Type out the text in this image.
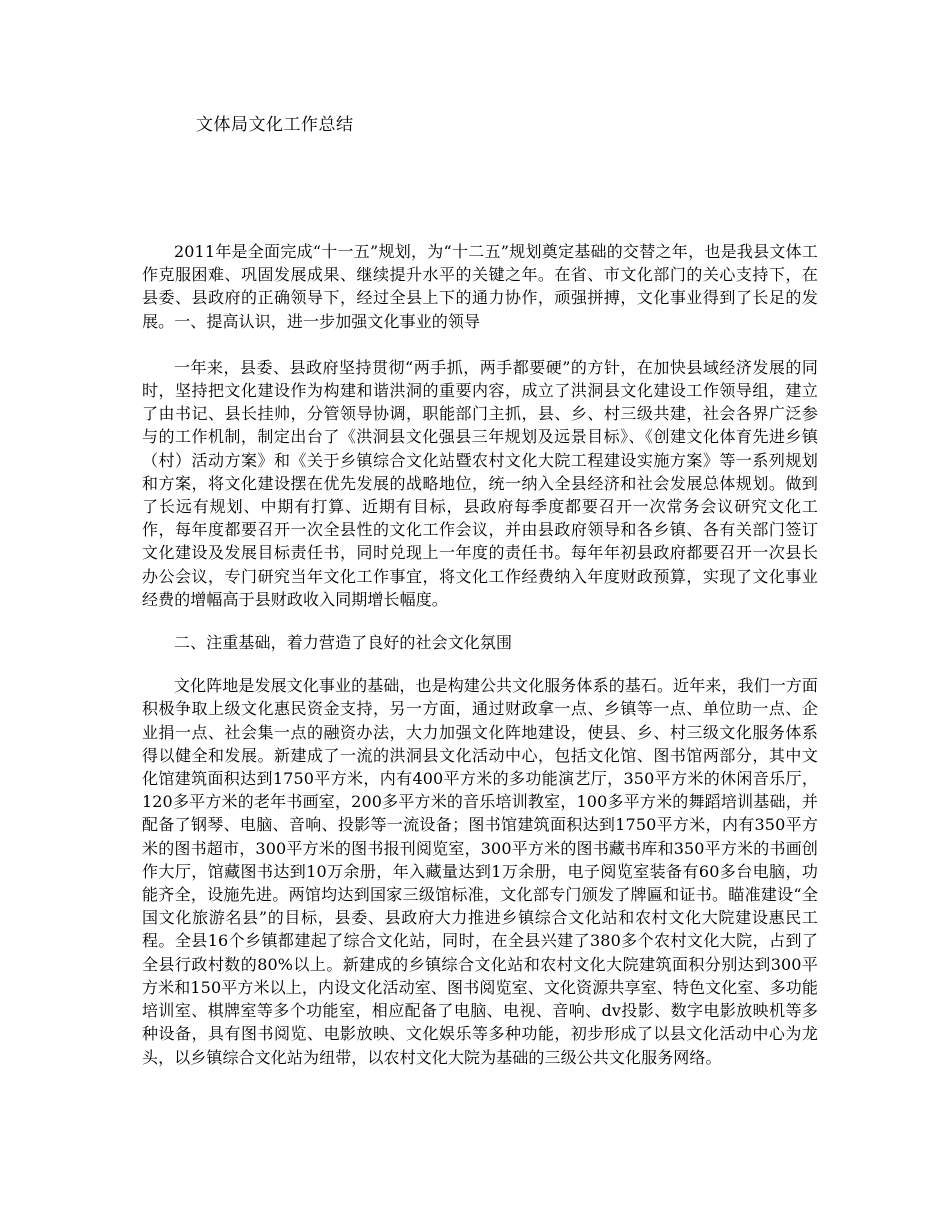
文体局文化工作总结

2011年是全面完成“十一五”规划，为“十二五”规划奠定基础的交替之年，也是我县文体工作克服困难、巩固发展成果、继续提升水平的关键之年。在省、市文化部门的关心支持下，在县委、县政府的正确领导下，经过全县上下的通力协作，顽强拼搏，文化事业得到了长足的发展。一、提高认识，进一步加强文化事业的领导

一年来，县委、县政府坚持贯彻“两手抓，两手都要硬”的方针，在加快县域经济发展的同时，坚持把文化建设作为构建和谐洪洞的重要内容，成立了洪洞县文化建设工作领导组，建立了由书记、县长挂帅，分管领导协调，职能部门主抓，县、乡、村三级共建，社会各界广泛参与的工作机制，制定出台了《洪洞县文化强县三年规划及远景目标》、《创建文化体育先进乡镇（村）活动方案》和《关于乡镇综合文化站暨农村文化大院工程建设实施方案》等一系列规划和方案，将文化建设摆在优先发展的战略地位，统一纳入全县经济和社会发展总体规划。做到了长远有规划、中期有打算、近期有目标，县政府每季度都要召开一次常务会议研究文化工作，每年度都要召开一次全县性的文化工作会议，并由县政府领导和各乡镇、各有关部门签订文化建设及发展目标责任书，同时兑现上一年度的责任书。每年年初县政府都要召开一次县长办公会议，专门研究当年文化工作事宜，将文化工作经费纳入年度财政预算，实现了文化事业经费的增幅高于县财政收入同期增长幅度。

二、注重基础，着力营造了良好的社会文化氛围

文化阵地是发展文化事业的基础，也是构建公共文化服务体系的基石。近年来，我们一方面积极争取上级文化惠民资金支持，另一方面，通过财政拿一点、乡镇等一点、单位助一点、企业捐一点、社会集一点的融资办法，大力加强文化阵地建设，使县、乡、村三级文化服务体系得以健全和发展。新建成了一流的洪洞县文化活动中心，包括文化馆、图书馆两部分，其中文化馆建筑面积达到1750平方米，内有400平方米的多功能演艺厅，350平方米的休闲音乐厅，120多平方米的老年书画室，200多平方米的音乐培训教室，100多平方米的舞蹈培训基础，并配备了钢琴、电脑、音响、投影等一流设备；图书馆建筑面积达到1750平方米，内有350平方米的图书超市，300平方米的图书报刊阅览室，300平方米的图书藏书库和350平方米的书画创作大厅，馆藏图书达到10万余册，年入藏量达到1万余册，电子阅览室装备有60多台电脑，功能齐全，设施先进。两馆均达到国家三级馆标准，文化部专门颁发了牌匾和证书。瞄准建设“全国文化旅游名县”的目标，县委、县政府大力推进乡镇综合文化站和农村文化大院建设惠民工程。全县16个乡镇都建起了综合文化站，同时，在全县兴建了380多个农村文化大院，占到了全县行政村数的80%以上。新建成的乡镇综合文化站和农村文化大院建筑面积分别达到300平方米和150平方米以上，内设文化活动室、图书阅览室、文化资源共享室、特色文化室、多功能培训室、棋牌室等多个功能室，相应配备了电脑、电视、音响、dv投影、数字电影放映机等多种设备，具有图书阅览、电影放映、文化娱乐等多种功能，初步形成了以县文化活动中心为龙头，以乡镇综合文化站为纽带，以农村文化大院为基础的三级公共文化服务网络。
